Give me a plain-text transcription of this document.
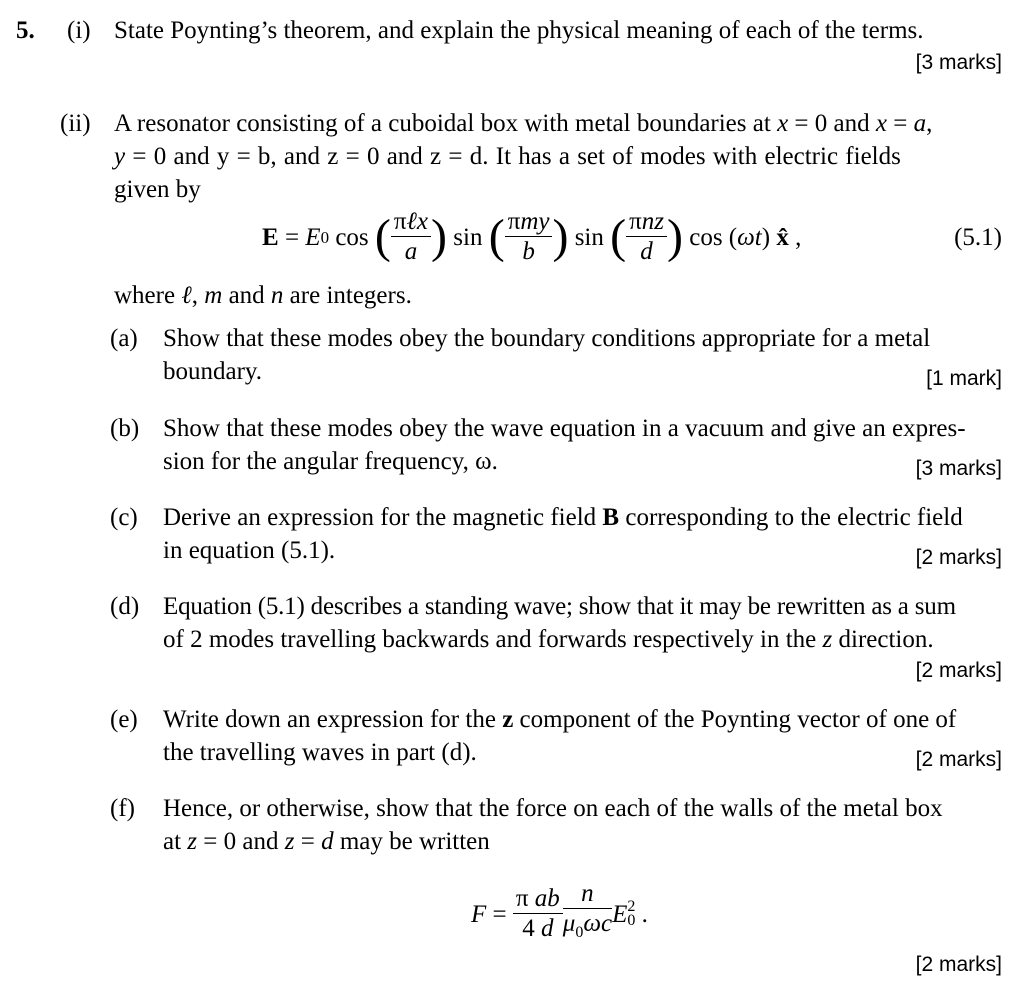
5. (i) State Poynting’s theorem, and explain the physical meaning of each of the terms.
[3 marks]
(ii) A resonator consisting of a cuboidal box with metal boundaries at x = 0 and x = a,
y = 0 and y = b, and z = 0 and z = d. It has a set of modes with electric fields
given by
E = E 0 cos ( $\frac{\text{πℓx}}{a}$ ) sin ( $\frac{\text{πmy}}{b}$ ) sin ( $\frac{\text{πnz}}{d}$ ) cos ( ωt ) x̂ ,	(5.1)
where ℓ, m and n are integers.
(a) Show that these modes obey the boundary conditions appropriate for a metal
boundary.	[1 mark]
(b) Show that these modes obey the wave equation in a vacuum and give an expres-
sion for the angular frequency, ω.	[3 marks]
(c) Derive an expression for the magnetic field B corresponding to the electric field
in equation (5.1).	[2 marks]
(d) Equation (5.1) describes a standing wave; show that it may be rewritten as a sum
of 2 modes travelling backwards and forwards respectively in the z direction.
[2 marks]
(e) Write down an expression for the z component of the Poynting vector of one of
the travelling waves in part (d).	[2 marks]
(f) Hence, or otherwise, show that the force on each of the walls of the metal box
at z = 0 and z = d may be written
$F = \frac{\text{π ab}}{4 d} \frac{n}{\mu_0\omega c}$ E 2
0 .
[2 marks]
